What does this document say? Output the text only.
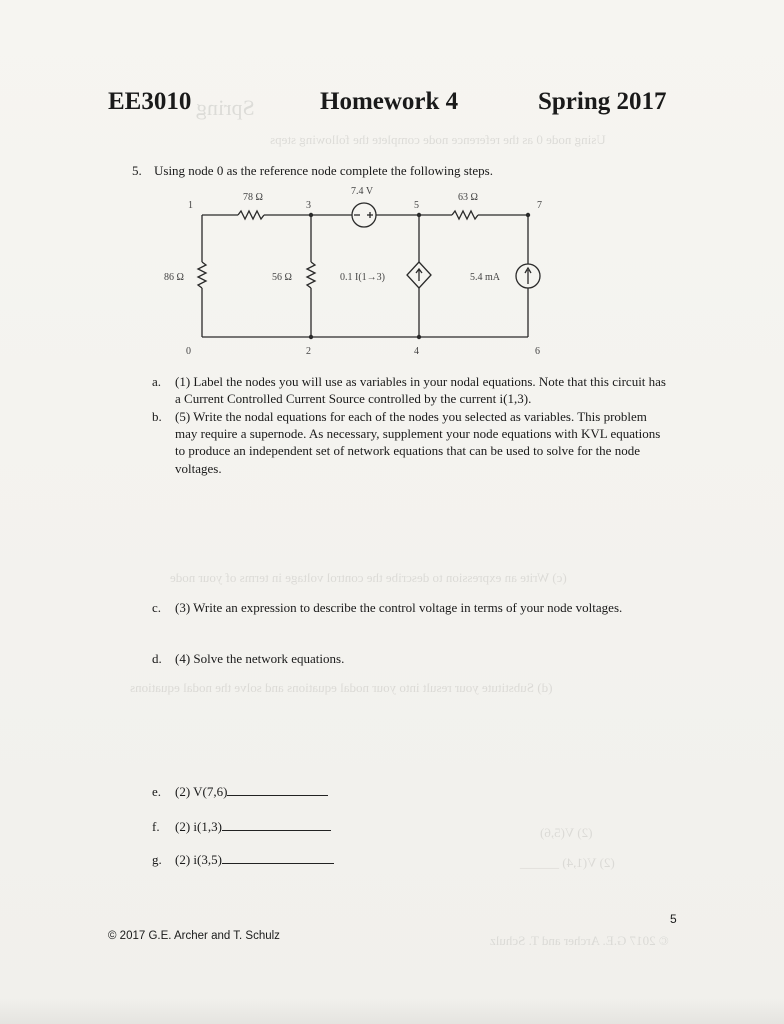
Spring
Using node 0 as the reference node complete the following steps
(c) Write an expression to describe the control voltage in terms of your node
(d) Substitute your result into your nodal equations and solve the nodal equations
(2) V(5,6)
(2) V(1,4) ______
© 2017 G.E. Archer and T. Schulz
EE3010	Homework 4	Spring 2017
5. Using node 0 as the reference node complete the following steps.
1	3	5	7
0	2	4	6
78 Ω
7.4 V
63 Ω
86 Ω	56 Ω	0.1 I(1→3)	5.4 mA
a. (1) Label the nodes you will use as variables in your nodal equations. Note that this circuit has a Current Controlled Current Source controlled by the current i(1,3).
b. (5) Write the nodal equations for each of the nodes you selected as variables. This problem may require a supernode. As necessary, supplement your node equations with KVL equations to produce an independent set of network equations that can be used to solve for the node voltages.
c. (3) Write an expression to describe the control voltage in terms of your node voltages.
d. (4) Solve the network equations.
e. (2) V(7,6)
f. (2) i(1,3)
g. (2) i(3,5)
5
© 2017 G.E. Archer and T. Schulz
